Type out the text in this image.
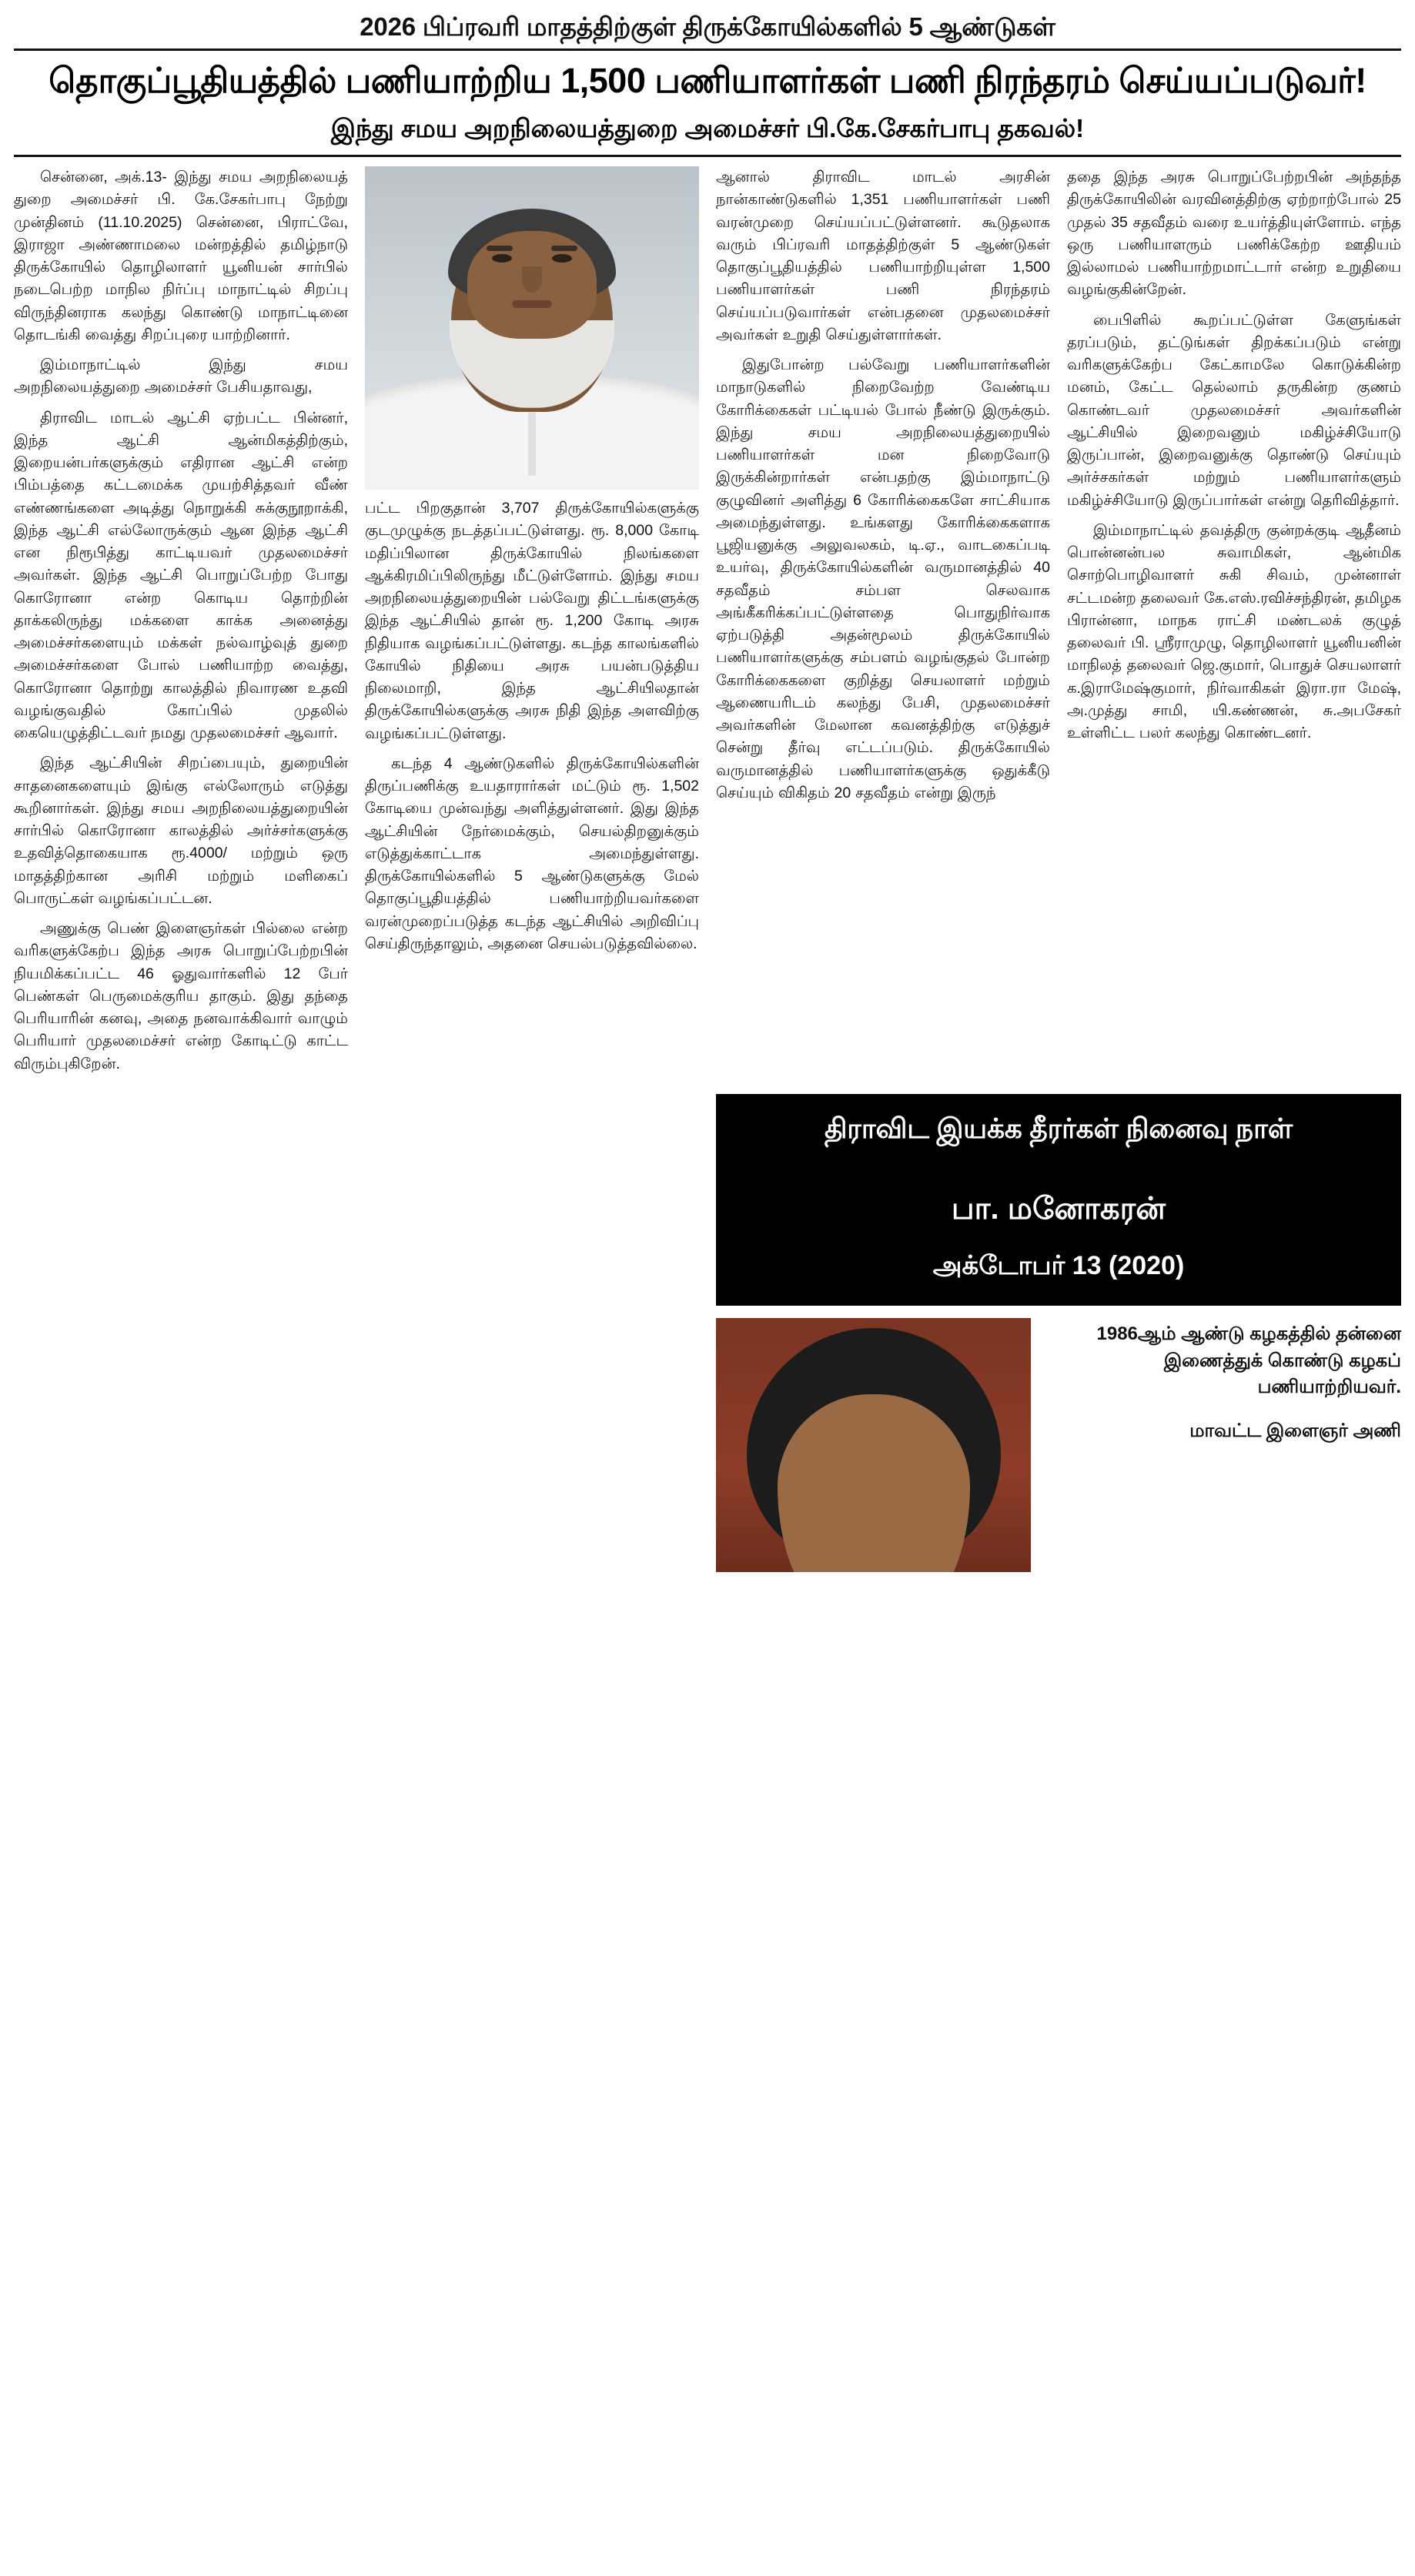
2026 பிப்ரவரி மாதத்திற்குள் திருக்கோயில்களில் 5 ஆண்டுகள்
தொகுப்பூதியத்தில் பணியாற்றிய 1,500 பணியாளர்கள் பணி நிரந்தரம் செய்யப்படுவர்!
இந்து சமய அறநிலையத்துறை அமைச்சர் பி.கே.சேகர்பாபு தகவல்!

சென்னை, அக்.13- இந்து சமய அறநிலையத் துறை அமைச்சர் பி. கே.சேகர்பாபு நேற்று முன்தினம் (11.10.2025) சென்னை, பிராட்வே, இராஜா அண்ணாமலை மன்றத்தில் தமிழ்நாடு திருக்கோயில் தொழிலாளர் யூனியன் சார்பில் நடைபெற்ற மாநில நிர்ப்பு மாநாட்டில் சிறப்பு விருந்தினராக கலந்து கொண்டு மாநாட்டினை தொடங்கி வைத்து சிறப்புரை யாற்றினார்.

இம்மாநாட்டில் இந்து சமய அறநிலையத்துறை அமைச்சர் பேசியதாவது,

திராவிட மாடல் ஆட்சி ஏற்பட்ட பின்னர், இந்த ஆட்சி ஆன்மிகத்திற்கும், இறையன்பர்களுக்கும் எதிரான ஆட்சி என்ற பிம்பத்தை கட்டமைக்க முயற்சித்தவர் வீண் எண்ணங்களை அடித்து நொறுக்கி சுக்குநூறாக்கி, இந்த ஆட்சி எல்லோருக்கும் ஆன இந்த ஆட்சி என நிரூபித்து காட்டியவர் முதலமைச்சர் அவர்கள். இந்த ஆட்சி பொறுப்பேற்ற போது கொரோனா என்ற கொடிய தொற்றின் தாக்கலிருந்து மக்களை காக்க அனைத்து அமைச்சர்களையும் மக்கள் நல்வாழ்வுத் துறை அமைச்சர்களை போல் பணியாற்ற வைத்து, கொரோனா தொற்று காலத்தில் நிவாரண உதவி வழங்குவதில் கோப்பில் முதலில் கையெழுத்திட்டவர் நமது முதலமைச்சர் ஆவார்.

இந்த ஆட்சியின் சிறப்பையும், துறையின் சாதனைகளையும் இங்கு எல்லோரும் எடுத்து கூறினார்கள். இந்து சமய அறநிலையத்துறையின் சார்பில் கொரோனா காலத்தில் அர்ச்சர்களுக்கு உதவித்தொகையாக ரூ.4000/ மற்றும் ஒரு மாதத்திற்கான அரிசி மற்றும் மளிகைப் பொருட்கள் வழங்கப்பட்டன.

அணுக்கு பெண் இளைஞர்கள் பில்லை என்ற வரிகளுக்கேற்ப இந்த அரசு பொறுப்பேற்றபின் நியமிக்கப்பட்ட 46 ஓதுவார்களில் 12 பேர் பெண்கள் பெருமைக்குரிய தாகும். இது தந்தை பெரியாரின் கனவு, அதை நனவாக்கிவார் வாழும் பெரியார் முதலமைச்சர் என்ற கோடிட்டு காட்ட விரும்புகிறேன்.

பட்ட பிறகுதான் 3,707 திருக்கோயில்களுக்கு குடமுழுக்கு நடத்தப்பட்டுள்ளது. ரூ. 8,000 கோடி மதிப்பிலான திருக்கோயில் நிலங்களை ஆக்கிரமிப்பிலிருந்து மீட்டுள்ளோம். இந்து சமய அறநிலையத்துறையின் பல்வேறு திட்டங்களுக்கு இந்த ஆட்சியில் தான் ரூ. 1,200 கோடி அரசு நிதியாக வழங்கப்பட்டுள்ளது. கடந்த காலங்களில் கோயில் நிதியை அரசு பயன்படுத்திய நிலைமாறி, இந்த ஆட்சியிலதான் திருக்கோயில்களுக்கு அரசு நிதி இந்த அளவிற்கு வழங்கப்பட்டுள்ளது.

கடந்த 4 ஆண்டுகளில் திருக்கோயில்களின் திருப்பணிக்கு உயதாரார்கள் மட்டும் ரூ. 1,502 கோடியை முன்வந்து அளித்துள்ளனர். இது இந்த ஆட்சியின் நேர்மைக்கும், செயல்திறனுக்கும் எடுத்துக்காட்டாக அமைந்துள்ளது. திருக்கோயில்களில் 5 ஆண்டுகளுக்கு மேல் தொகுப்பூதியத்தில் பணியாற்றியவர்களை வரன்முறைப்படுத்த கடந்த ஆட்சியில் அறிவிப்பு செய்திருந்தாலும், அதனை செயல்படுத்தவில்லை.

ஆனால் திராவிட மாடல் அரசின் நான்காண்டுகளில் 1,351 பணியாளர்கள் பணி வரன்முறை செய்யப்பட்டுள்ளனர். கூடுதலாக வரும் பிப்ரவரி மாதத்திற்குள் 5 ஆண்டுகள் தொகுப்பூதியத்தில் பணியாற்றியுள்ள 1,500 பணியாளர்கள் பணி நிரந்தரம் செய்யப்படுவார்கள் என்பதனை முதலமைச்சர் அவர்கள் உறுதி செய்துள்ளார்கள்.

இதுபோன்ற பல்வேறு பணியாளர்களின் மாநாடுகளில் நிறைவேற்ற வேண்டிய கோரிக்கைகள் பட்டியல் போல் நீண்டு இருக்கும். இந்து சமய அறநிலையத்துறையில் பணியாளர்கள் மன நிறைவோடு இருக்கின்றார்கள் என்பதற்கு இம்மாநாட்டு குழுவினர் அளித்து 6 கோரிக்கைகளே சாட்சியாக அமைந்துள்ளது. உங்களது கோரிக்கைகளாக பூஜியனுக்கு அலுவலகம், டி.ஏ., வாடகைப்படி உயர்வு, திருக்கோயில்களின் வருமானத்தில் 40 சதவீதம் சம்பள செலவாக அங்கீகரிக்கப்பட்டுள்ளதை பொதுநிர்வாக ஏற்படுத்தி அதன்மூலம் திருக்கோயில் பணியாளர்களுக்கு சம்பளம் வழங்குதல் போன்ற கோரிக்கைகளை குறித்து செயலாளர் மற்றும் ஆணையரிடம் கலந்து பேசி, முதலமைச்சர் அவர்களின் மேலான கவனத்திற்கு எடுத்துச் சென்று தீர்வு எட்டப்படும். திருக்கோயில் வருமானத்தில் பணியாளர்களுக்கு ஒதுக்கீடு செய்யும் விகிதம் 20 சதவீதம் என்று இருந்

ததை இந்த அரசு பொறுப்பேற்றபின் அந்தந்த திருக்கோயிலின் வரவினத்திற்கு ஏற்றாற்போல் 25 முதல் 35 சதவீதம் வரை உயர்த்தியுள்ளோம். எந்த ஒரு பணியாளரும் பணிக்கேற்ற ஊதியம் இல்லாமல் பணியாற்றமாட்டார் என்ற உறுதியை வழங்குகின்றேன்.

பைபிளில் கூறப்பட்டுள்ள கேளுங்கள் தரப்படும், தட்டுங்கள் திறக்கப்படும் என்று வரிகளுக்கேற்ப கேட்காமலே கொடுக்கின்ற மனம், கேட்ட தெல்லாம் தருகின்ற குணம் கொண்டவர் முதலமைச்சர் அவர்களின் ஆட்சியில் இறைவனும் மகிழ்ச்சியோடு இருப்பான், இறைவனுக்கு தொண்டு செய்யும் அர்ச்சகர்கள் மற்றும் பணியாளர்களும் மகிழ்ச்சியோடு இருப்பார்கள் என்று தெரிவித்தார்.

இம்மாநாட்டில் தவத்திரு குன்றக்குடி ஆதீனம் பொன்னன்பல சுவாமிகள், ஆன்மிக சொற்பொழிவாளர் சுகி சிவம், முன்னாள் சட்டமன்ற தலைவர் கே.எஸ்.ரவிச்சந்திரன், தமிழக பிரான்னா, மாநக ராட்சி மண்டலக் குழுத் தலைவர் பி. ஸ்ரீராமுழு, தொழிலாளர் யூனியனின் மாநிலத் தலைவர் ஜெ.குமார், பொதுச் செயலாளர் க.இராமேஷ்குமார், நிர்வாகிகள் இரா.ரா மேஷ், அ.முத்து சாமி, யி.கண்ணன், சு.அபசேகர் உள்ளிட்ட பலர் கலந்து கொண்டனர்.

திராவிட இயக்க தீரர்கள் நினைவு நாள்
பா. மனோகரன்
அக்டோபர் 13 (2020)

1986ஆம் ஆண்டு கழகத்தில் தன்னை இணைத்துக் கொண்டு கழகப் பணியாற்றியவர்.

மாவட்ட இளைஞர் அணி
